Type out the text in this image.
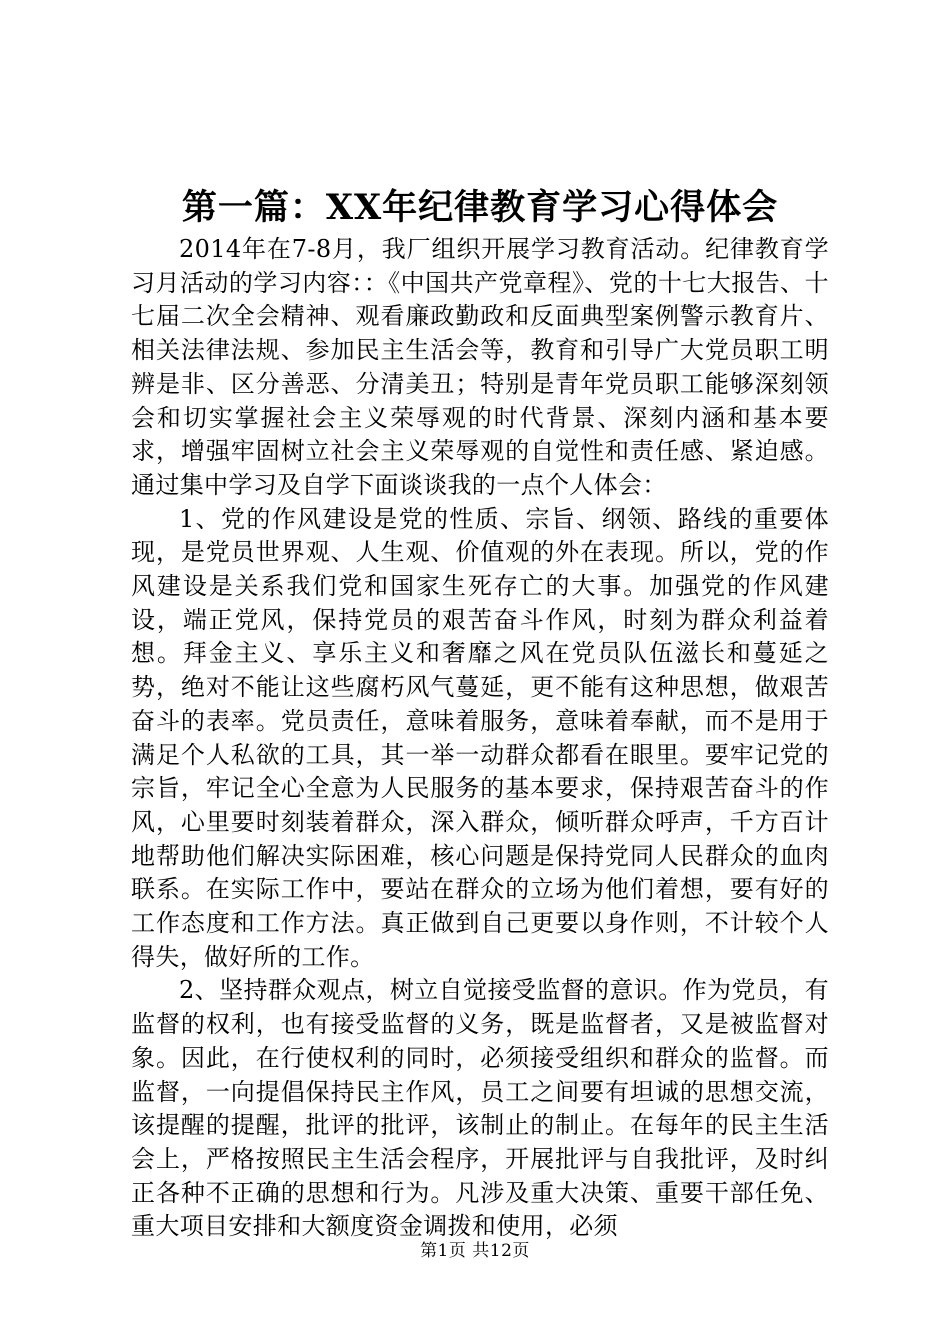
第一篇：XX年纪律教育学习心得体会

2014年在7-8月，我厂组织开展学习教育活动。纪律教育学习月活动的学习内容：：《中国共产党章程》、党的十七大报告、十七届二次全会精神、观看廉政勤政和反面典型案例警示教育片、相关法律法规、参加民主生活会等，教育和引导广大党员职工明辨是非、区分善恶、分清美丑；特别是青年党员职工能够深刻领会和切实掌握社会主义荣辱观的时代背景、深刻内涵和基本要求，增强牢固树立社会主义荣辱观的自觉性和责任感、紧迫感。通过集中学习及自学下面谈谈我的一点个人体会：

1、党的作风建设是党的性质、宗旨、纲领、路线的重要体现，是党员世界观、人生观、价值观的外在表现。所以，党的作风建设是关系我们党和国家生死存亡的大事。加强党的作风建设，端正党风，保持党员的艰苦奋斗作风，时刻为群众利益着想。拜金主义、享乐主义和奢靡之风在党员队伍滋长和蔓延之势，绝对不能让这些腐朽风气蔓延，更不能有这种思想，做艰苦奋斗的表率。党员责任，意味着服务，意味着奉献，而不是用于满足个人私欲的工具，其一举一动群众都看在眼里。要牢记党的宗旨，牢记全心全意为人民服务的基本要求，保持艰苦奋斗的作风，心里要时刻装着群众，深入群众，倾听群众呼声，千方百计地帮助他们解决实际困难，核心问题是保持党同人民群众的血肉联系。在实际工作中，要站在群众的立场为他们着想，要有好的工作态度和工作方法。真正做到自己更要以身作则，不计较个人得失，做好所的工作。

2、坚持群众观点，树立自觉接受监督的意识。作为党员，有监督的权利，也有接受监督的义务，既是监督者，又是被监督对象。因此，在行使权利的同时，必须接受组织和群众的监督。而监督，一向提倡保持民主作风，员工之间要有坦诚的思想交流，该提醒的提醒，批评的批评，该制止的制止。在每年的民主生活会上，严格按照民主生活会程序，开展批评与自我批评，及时纠正各种不正确的思想和行为。凡涉及重大决策、重要干部任免、重大项目安排和大额度资金调拨和使用，必须

第1页 共12页
